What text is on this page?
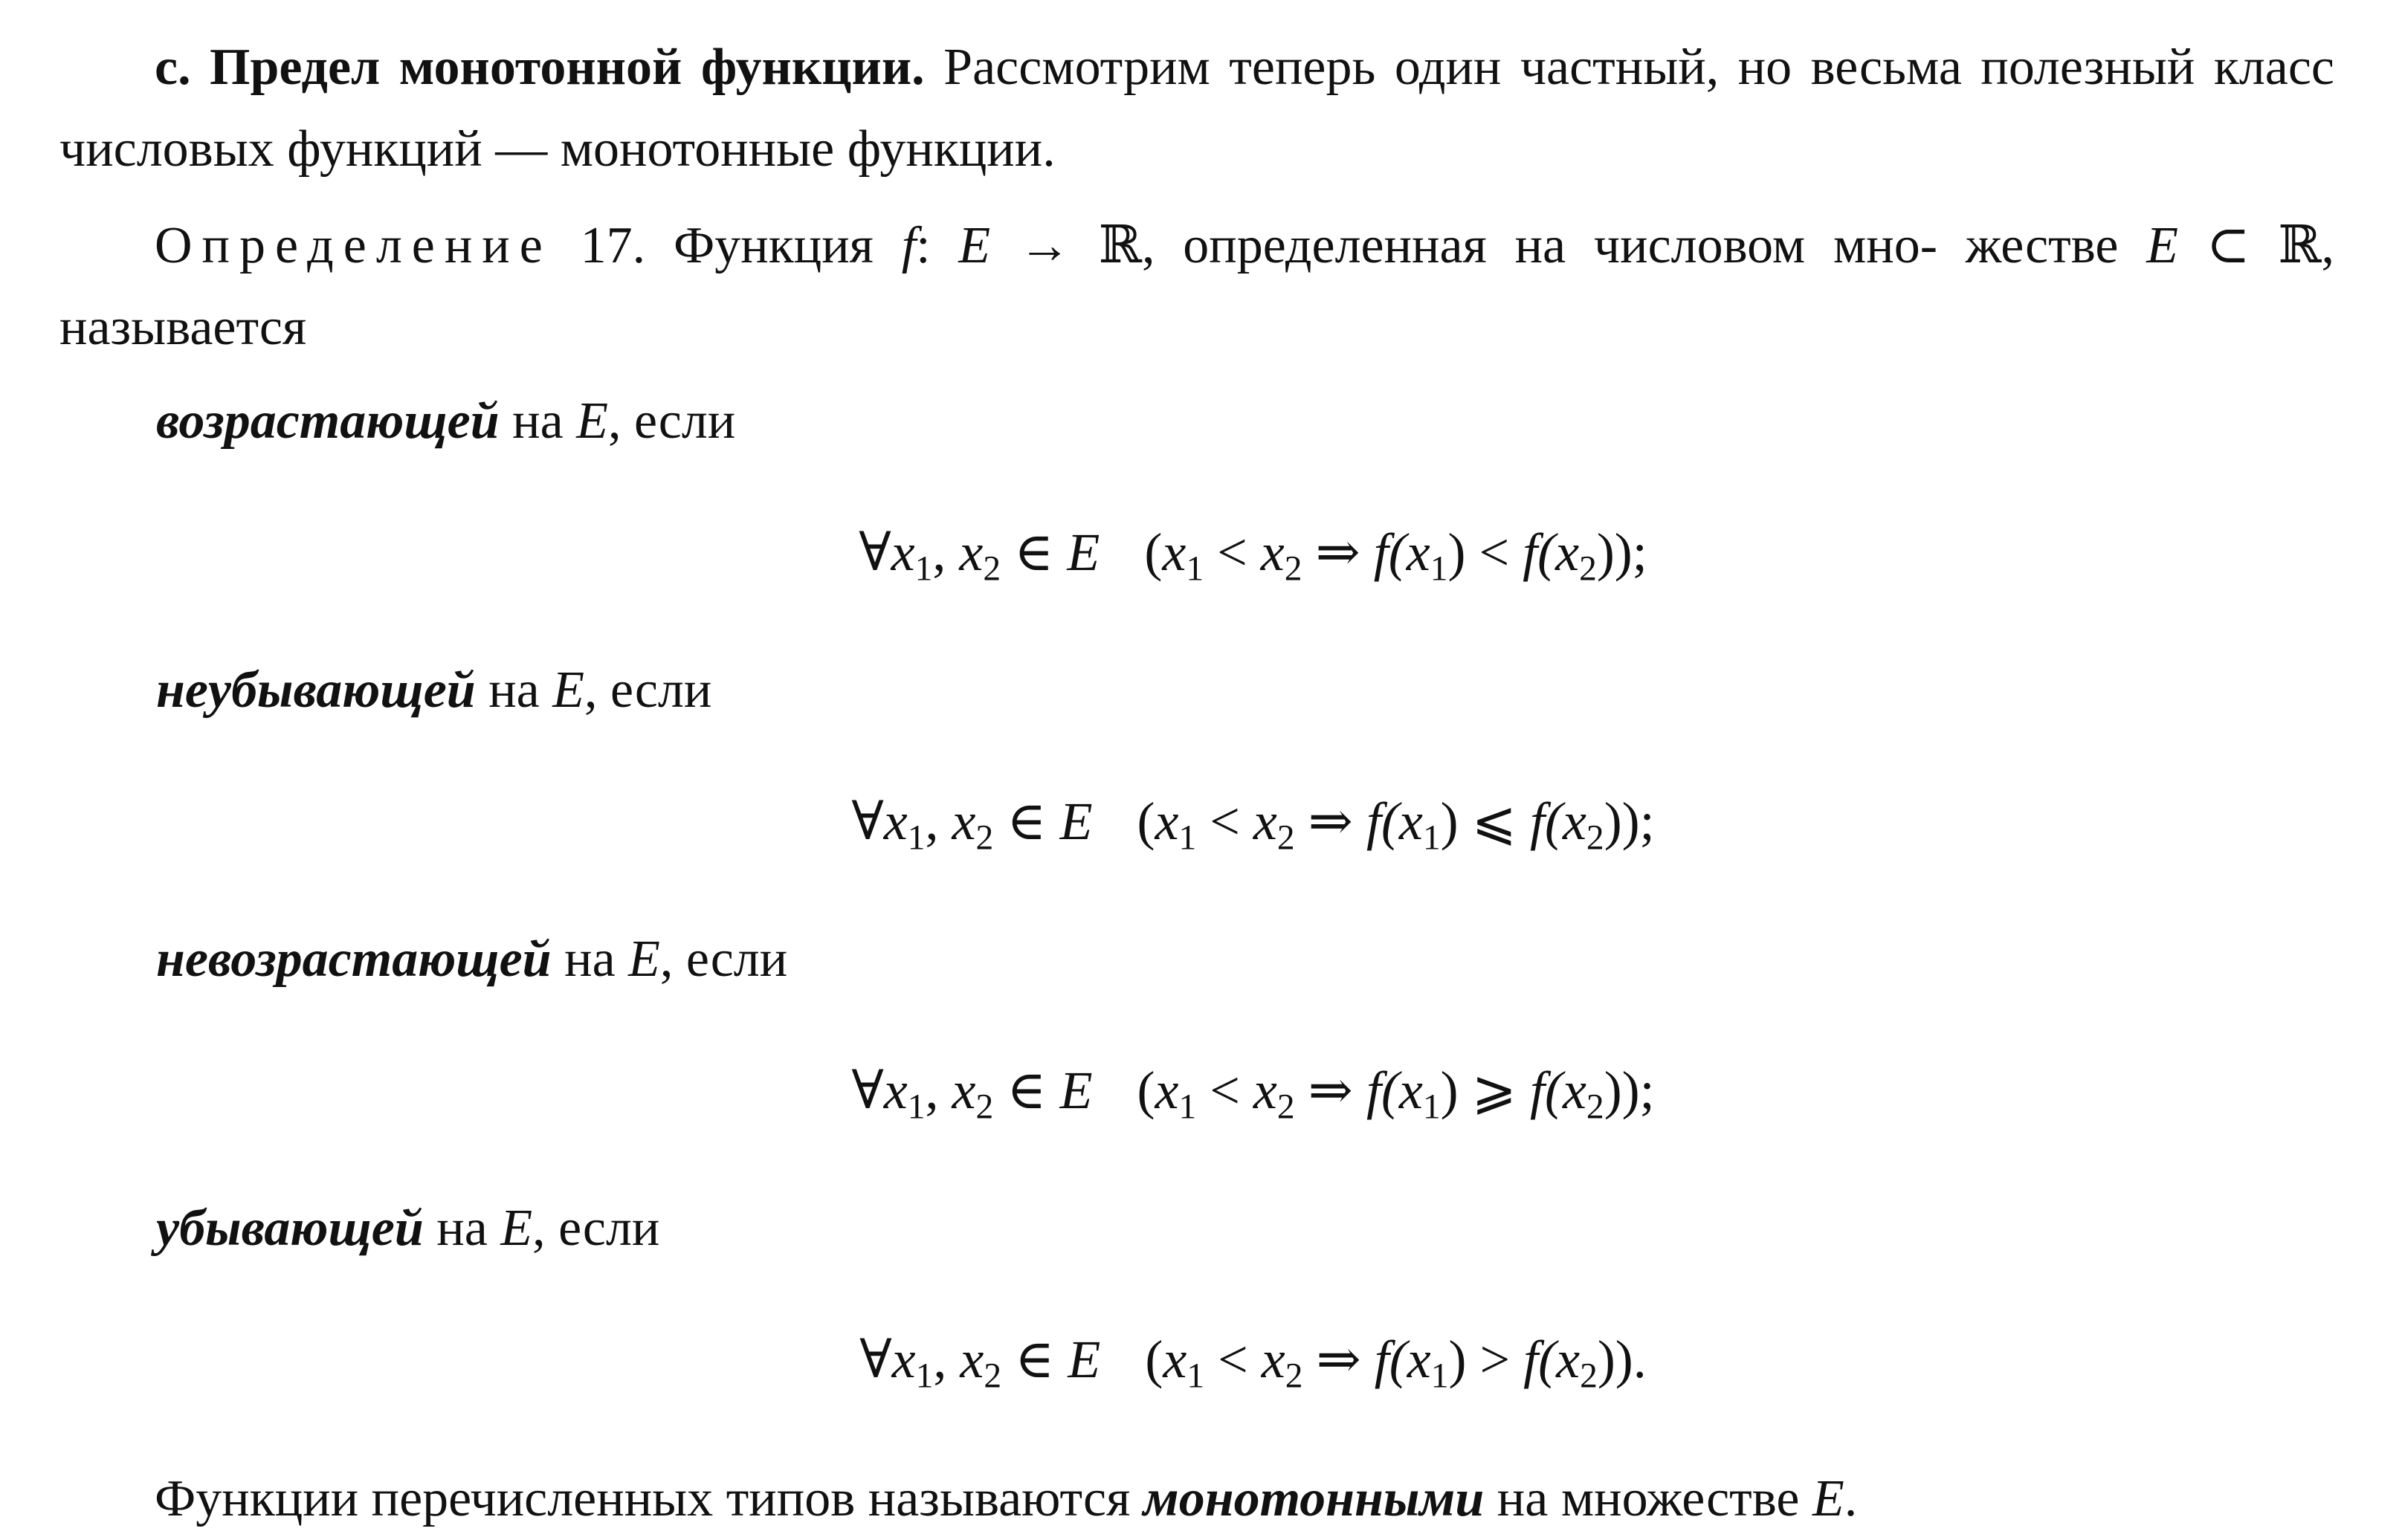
c. Предел монотонной функции. Рассмотрим теперь один частный, но весьма полезный класс числовых функций — монотонные функции.

Определение 17. Функция f: E → ℝ, определенная на числовом мно- жестве E ⊂ ℝ, называется

возрастающей на E, если

$\forall x_1$, $x_2$ ∈ E ($x_1 < x_2$ ⇒ $f(x_1) < f(x_2)$);

неубывающей на E, если

$\forall x_1$, $x_2$ ∈ E ($x_1 < x_2$ ⇒ $f(x_1)$ ⩽ $f(x_2)$);

невозрастающей на E, если

$\forall x_1$, $x_2$ ∈ E ($x_1 < x_2$ ⇒ $f(x_1)$ ⩾ $f(x_2)$);

убывающей на E, если

$\forall x_1$, $x_2$ ∈ E ($x_1 < x_2$ ⇒ $f(x_1) > f(x_2)$).

Функции перечисленных типов называются монотонными на множестве E.
